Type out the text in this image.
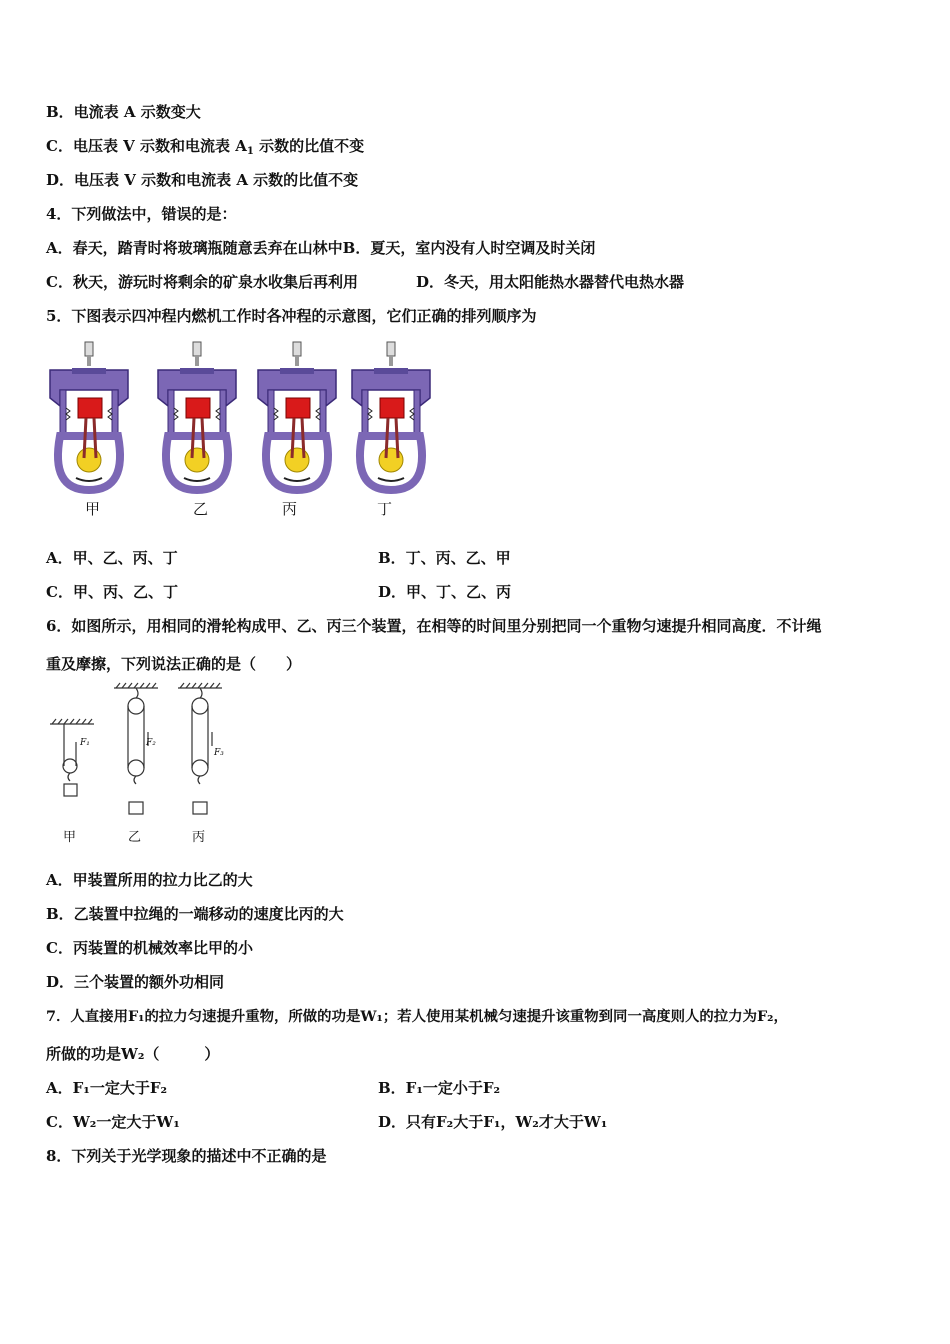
B．电流表 A 示数变大
C．电压表 V 示数和电流表 $A_1$ 示数的比值不变
D．电压表 V 示数和电流表 A 示数的比值不变
4．下列做法中，错误的是：
A．春天，踏青时将玻璃瓶随意丢弃在山林中B．夏天，室内没有人时空调及时关闭
C．秋天，游玩时将剩余的矿泉水收集后再利用	D．冬天，用太阳能热水器替代电热水器
5．下图表示四冲程内燃机工作时各冲程的示意图，它们正确的排列顺序为
甲	乙	丙	丁
A．甲、乙、丙、丁	B．丁、丙、乙、甲
C．甲、丙、乙、丁	D．甲、丁、乙、丙
6．如图所示，用相同的滑轮构成甲、乙、丙三个装置，在相等的时间里分别把同一个重物匀速提升相同高度．不计绳
重及摩擦，下列说法正确的是（　　）
F₁	F₂
F₃
甲	乙	丙
A．甲装置所用的拉力比乙的大
B．乙装置中拉绳的一端移动的速度比丙的大
C．丙装置的机械效率比甲的小
D．三个装置的额外功相同
7．人直接用F₁的拉力匀速提升重物，所做的功是W₁；若人使用某机械匀速提升该重物到同一高度则人的拉力为F₂，
所做的功是W₂（　　　）
A．F₁一定大于F₂	B．F₁一定小于F₂
C．W₂一定大于W₁	D．只有F₂大于F₁，W₂才大于W₁
8．下列关于光学现象的描述中不正确的是
